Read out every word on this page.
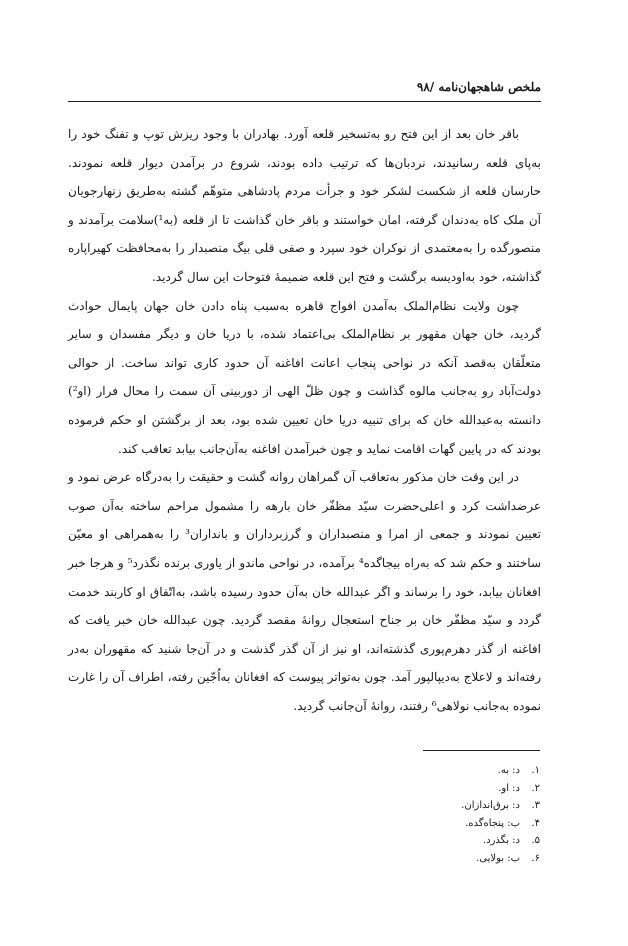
ملخص شاهجهان‌نامه /۹۸

باقر خان بعد از این فتح رو به‌تسخیر قلعه آورد. بهادران با وجود ریزش توپ و تفنگ خود را به‌پای قلعه رسانیدند، نردبان‌ها که ترتیب داده بودند، شروع در برآمدن دیوار قلعه نمودند. حارسان قلعه از شکست لشکر خود و جرأت مردم پادشاهی متوهّم گشته به‌طریق زنهارجویان آن ملک کاه به‌دندان گرفته، امان خواستند و باقر خان گذاشت تا از قلعه (به¹)سلامت برآمدند و منصورگده را به‌معتمدی از نوکران خود سپرد و صفی قلی بیگ منصبدار را به‌محافظت کهیراپاره گذاشته، خود به‌اودیسه برگشت و فتح این قلعه ضمیمهٔ فتوحات این سال گردید.

چون ولایت نظام‌الملک به‌آمدن افواج قاهره به‌سبب پناه دادن خان جهان پایمال حوادث گردید، خان جهان مقهور بر نظام‌الملک بی‌اعتماد شده، با دریا خان و دیگر مفسدان و سایر متعلّقان به‌قصد آنکه در نواحی پنجاب اعانت افاغنه آن حدود کاری تواند ساخت. از حوالی دولت‌آباد رو به‌جانب مالوه گذاشت و چون ظلّ الهی از دوربینی آن سمت را محال فرار (او²) دانسته به‌عبدالله خان که برای تنبیه دریا خان تعیین شده بود، بعد از برگشتن او حکم فرموده بودند که در پایین گهات اقامت نماید و چون خبرآمدن افاغنه به‌آن‌جانب بیابد تعاقب کند.

در این وقت خان مذکور به‌تعاقب آن گمراهان روانه گشت و حقیقت را به‌درگاه عرض نمود و عرضداشت کرد و اعلی‌حضرت سیّد مظفّر خان بارهه را مشمول مراحم ساخته به‌آن صوب تعیین نمودند و جمعی از امرا و منصبداران و گرزبرداران و بانداران³ را به‌همراهی او معیّن ساختند و حکم شد که به‌راه بیجاگده⁴ برآمده، در نواحی ماندو از یاوری برنده نگذرد⁵ و هرجا خبر افغانان بیابد، خود را برساند و اگر عبدالله خان به‌آن حدود رسیده باشد، به‌اتّفاق او کاربند خدمت گردد و سیّد مظفّر خان بر جناح استعجال روانهٔ مقصد گردید. چون عبدالله خان خبر یافت که افاغنه از گذر دهرم‌پوری گذشته‌اند، او نیز از آن گذر گذشت و در آن‌جا شنید که مقهوران به‌در رفته‌اند و لاعلاج به‌دیپالپور آمد. چون به‌تواتر پیوست که افغانان به‌اُجّین رفته، اطراف آن را غارت نموده به‌جانب نولاهی⁶ رفتند، روانهٔ آن‌جانب گردید.

۱.د: به.
۲.د: او.
۳.د: برق‌اندازان.
۴.ب: پنجاه‌گده.
۵.د: بگذرد.
۶.ب: بولایی.
